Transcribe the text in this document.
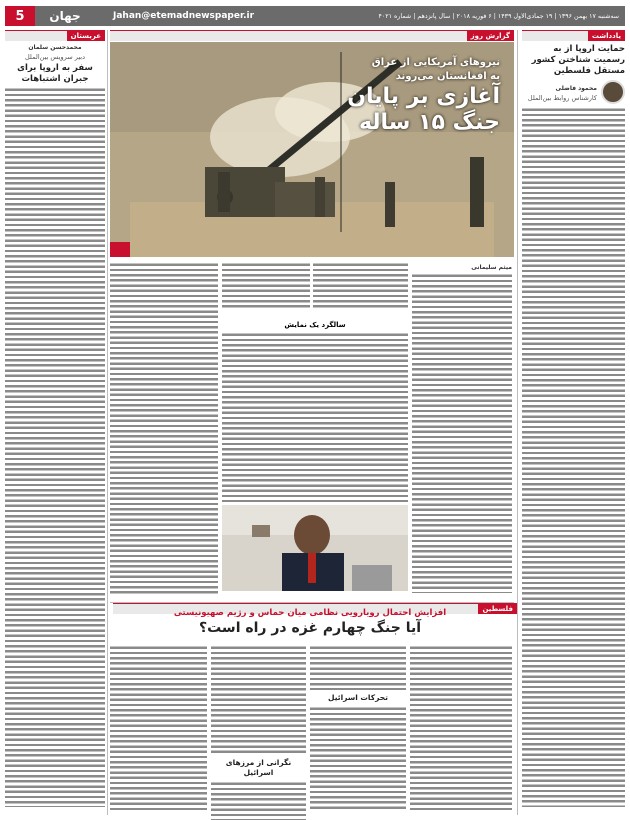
5	جهان	Jahan@etemadnewspaper.ir	سه‌شنبه ۱۷ بهمن ۱۳۹۶ | ۱۹ جمادی‌الاول ۱۴۳۹ | ۶ فوریه ۲۰۱۸ | سال پانزدهم | شماره ۴۰۲۱
یادداشت
حمایت اروپا از به رسمیت شناختن کشور مستقل فلسطین
محمود فاضلی
کارشناس روابط بین‌الملل
عربستان
محمدحسن سلمان
دبیر سرویس بین‌الملل
سفر به اروپا برای جبران اشتباهات
گزارش روز
نیروهای آمریکایی از عراق
به افغانستان می‌روند
آغازی بر پایان
جنگ ۱۵ ساله
میثم سلیمانی
سالگرد یک نمایش
فلسطین
افزایش احتمال رویارویی نظامی میان حماس و رژیم صهیونیستی
آیا جنگ چهارم غزه در راه است؟
تحرکات اسرائیل
نگرانی از مرزهای اسرائیل
